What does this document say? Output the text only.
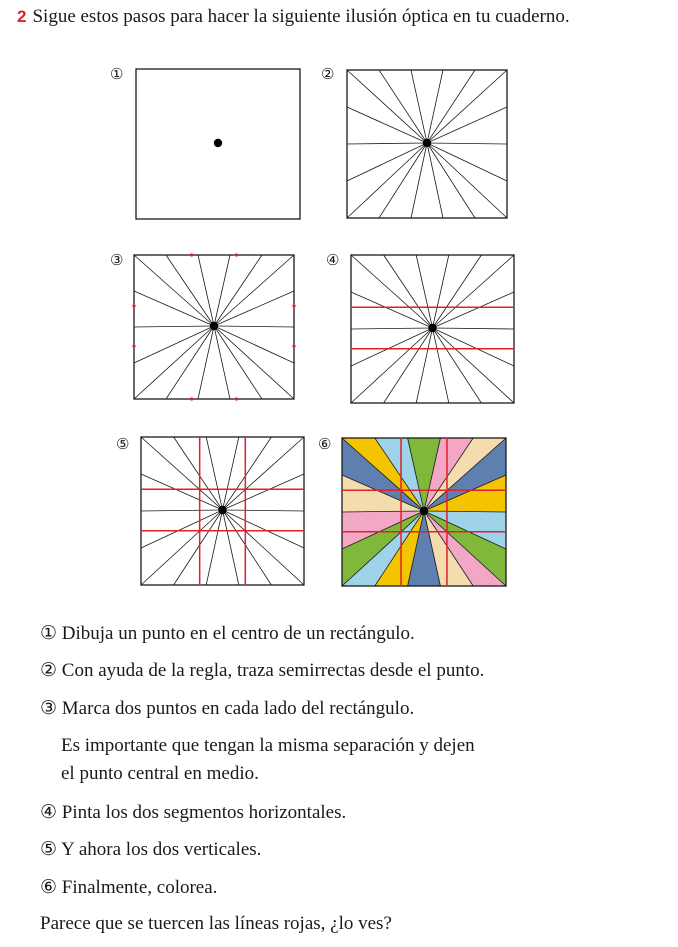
2 Sigue estos pasos para hacer la siguiente ilusión óptica en tu cuaderno.
①	②
③	④
⑤	⑥
① Dibuja un punto en el centro de un rectángulo.
② Con ayuda de la regla, traza semirrectas desde el punto.
③ Marca dos puntos en cada lado del rectángulo.
Es importante que tengan la misma separación y dejen
el punto central en medio.
④ Pinta los dos segmentos horizontales.
⑤ Y ahora los dos verticales.
⑥ Finalmente, colorea.
Parece que se tuercen las líneas rojas, ¿lo ves?
